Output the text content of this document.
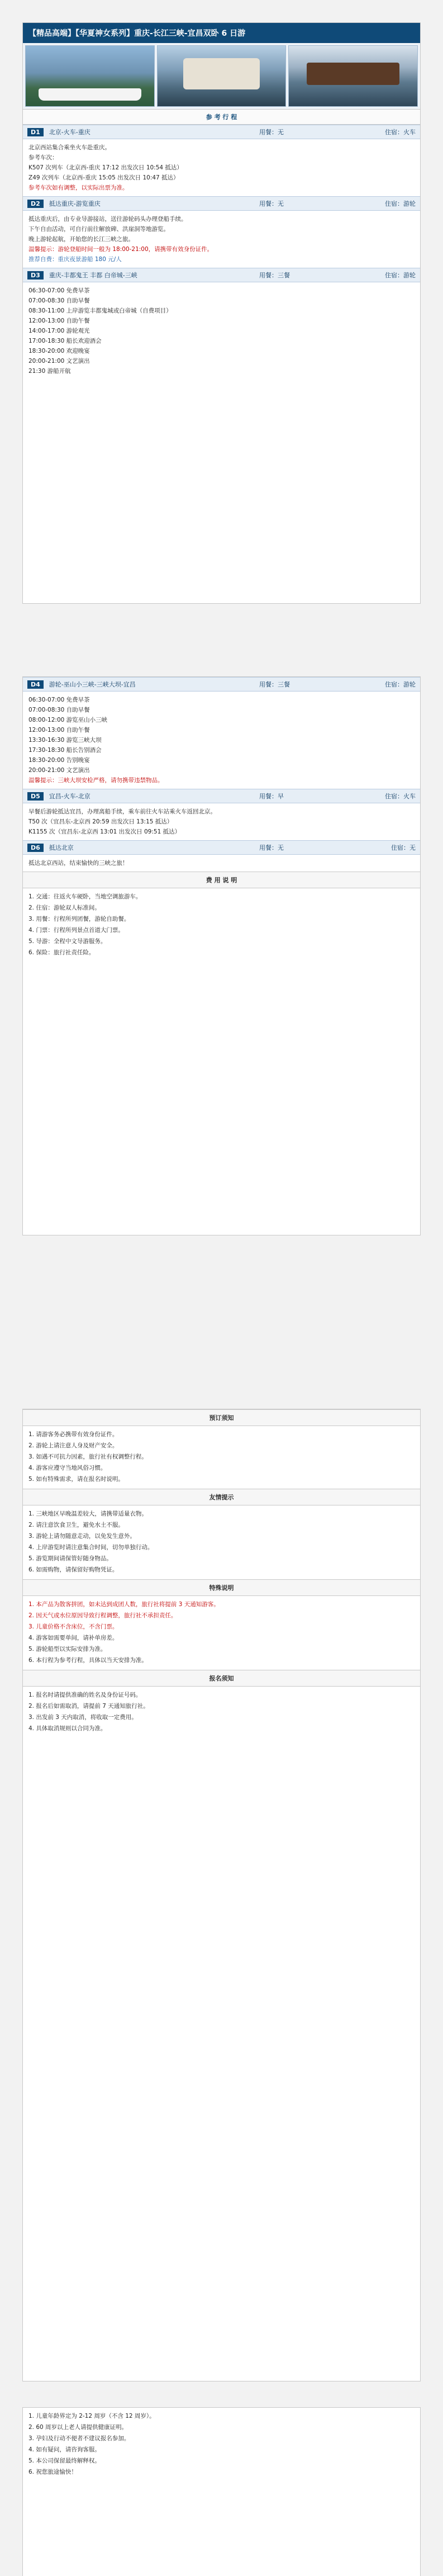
【精品高端】【华夏神女系列】重庆-长江三峡-宜昌双卧 6 日游
参 考 行 程
D1	北京-火车-重庆	用餐：无	住宿：火车
北京西站集合乘坐火车赴重庆。
参考车次：
K507 次列车（北京西-重庆 17:12 出发次日 10:54 抵达）
Z49 次列车（北京西-重庆 15:05 出发次日 10:47 抵达）
参考车次如有调整，以实际出票为准。
D2	抵达重庆-游览重庆	用餐：无	住宿：游轮
抵达重庆后，由专业导游接站，送往游轮码头办理登船手续。
下午自由活动，可自行前往解放碑、洪崖洞等地游览。
晚上游轮起航，开始您的长江三峡之旅。
温馨提示：游轮登船时间一般为 18:00-21:00，请携带有效身份证件。
推荐自费：重庆夜景游船 180 元/人
D3	重庆-丰都鬼王 丰都 白帝城-三峡	用餐：三餐	住宿：游轮
06:30-07:00 免费早茶
07:00-08:30 自助早餐
08:30-11:00 上岸游览丰都鬼城或白帝城（自费项目）
12:00-13:00 自助午餐
14:00-17:00 游轮观光
17:00-18:30 船长欢迎酒会
18:30-20:00 欢迎晚宴
20:00-21:00 文艺演出
21:30 游船开航
D4	游轮-巫山小三峡-三峡大坝-宜昌	用餐：三餐	住宿：游轮
06:30-07:00 免费早茶
07:00-08:30 自助早餐
08:00-12:00 游览巫山小三峡
12:00-13:00 自助午餐
13:30-16:30 游览三峡大坝
17:30-18:30 船长告别酒会
18:30-20:00 告别晚宴
20:00-21:00 文艺演出
温馨提示：三峡大坝安检严格，请勿携带违禁物品。
D5	宜昌-火车-北京	用餐：早	住宿：火车
早餐后游轮抵达宜昌，办理离船手续，乘车前往火车站乘火车返回北京。
T50 次（宜昌东-北京西 20:59 出发次日 13:15 抵达）
K1155 次（宜昌东-北京西 13:01 出发次日 09:51 抵达）
D6	抵达北京	用餐：无	住宿：无
抵达北京西站，结束愉快的三峡之旅！
费 用 说 明
1. 交通：往返火车硬卧，当地空调旅游车。
2. 住宿：游轮双人标准间。
3. 用餐：行程所列团餐，游轮自助餐。
4. 门票：行程所列景点首道大门票。
5. 导游：全程中文导游服务。
6. 保险：旅行社责任险。
预订须知
1. 请游客务必携带有效身份证件。
2. 游轮上请注意人身及财产安全。
3. 如遇不可抗力因素，旅行社有权调整行程。
4. 游客应遵守当地风俗习惯。
5. 如有特殊需求，请在报名时说明。
友情提示
1. 三峡地区早晚温差较大，请携带适量衣物。
2. 请注意饮食卫生，避免水土不服。
3. 游轮上请勿随意走动，以免发生意外。
4. 上岸游览时请注意集合时间，切勿单独行动。
5. 游览期间请保管好随身物品。
6. 如需购物，请保留好购物凭证。
特殊说明
1. 本产品为散客拼团，如未达到成团人数，旅行社将提前 3 天通知游客。
2. 因天气或水位原因导致行程调整，旅行社不承担责任。
3. 儿童价格不含床位，不含门票。
4. 游客如需要单间，请补单房差。
5. 游轮船型以实际安排为准。
6. 本行程为参考行程，具体以当天安排为准。
报名须知
1. 报名时请提供准确的姓名及身份证号码。
2. 报名后如需取消，请提前 7 天通知旅行社。
3. 出发前 3 天内取消，将收取一定费用。
4. 具体取消规则以合同为准。
1. 儿童年龄界定为 2-12 周岁（不含 12 周岁）。
2. 60 周岁以上老人请提供健康证明。
3. 孕妇及行动不便者不建议报名参加。
4. 如有疑问，请咨询客服。
5. 本公司保留最终解释权。
6. 祝您旅途愉快！
